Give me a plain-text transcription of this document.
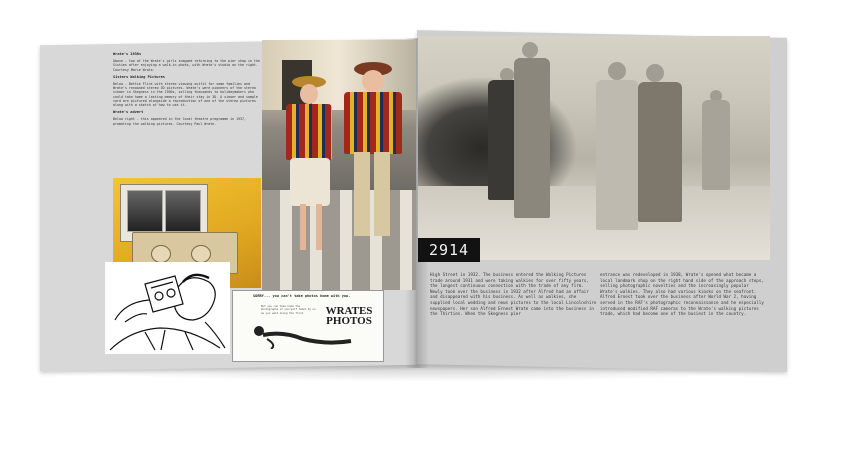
Wrate's 1930s

Above - two of the Wrate's girls snapped returning to the pier shop in the Sixties after enjoying a walk-in photo, with Wrate's studio on the right. Courtesy Marie Wrate.

Sisters Walking Pictures

Below - Bettie Flint with stereo viewing outfit for some families and Wrate's renowned stereo 3D pictures. Wrate's were pioneers of the stereo viewer in Skegness in the 1950s, selling thousands to holidaymakers who could take home a lasting memory of their stay in 3D. A viewer and sample card are pictured alongside a reproduction of one of the stereo pictures along with a sketch of how to use it.

Wrate's advert

Below right - this appeared in the local theatre programme in 1937, promoting the walking pictures. Courtesy Paul Wrate.

SORRY... you can't take photos home with you.
But you can take home the photographs of yourself taken by us as you walk along the front.	WRATES PHOTOS
2914

High Street in 1932. The business entered the Walking Pictures trade around 1931 and were taking walkies for over fifty years, the longest continuous connection with the trade of any firm. Newly took over the business in 1932 after Alfred had an affair and disappeared with his business. As well as walkies, she supplied local wedding and news pictures to the local Lincolnshire newspapers. Her son Alfred Ernest Wrate came into the business in the Thirties. When the Skegness pier

entrance was redeveloped in 1938, Wrate's opened what became a local landmark shop on the right hand side of the approach steps, selling photographic novelties and the increasingly popular Wrate's walkies. They also had various kiosks on the seafront. Alfred Ernest took over the business after World War 2, having served in the RAF's photographic reconnaissance and he especially introduced modified RAF cameras to the Wrate's walking pictures trade, which had become one of the busiest in the country.
